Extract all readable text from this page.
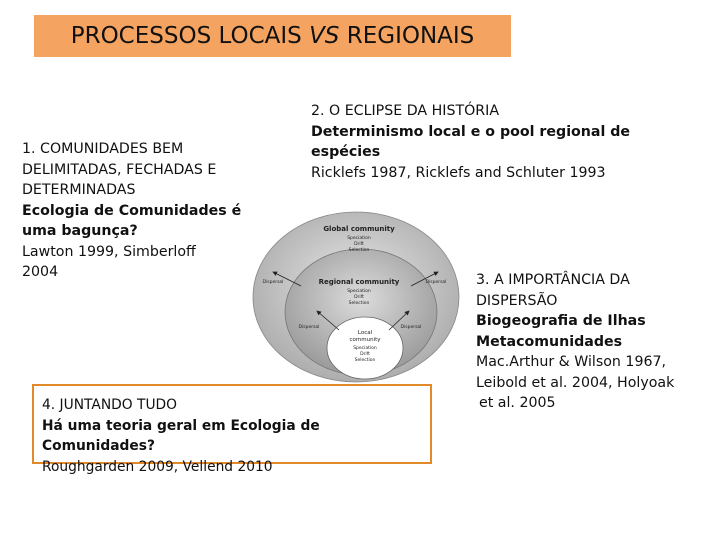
PROCESSOS LOCAIS VS REGIONAIS
1. COMUNIDADES BEM
DELIMITADAS, FECHADAS E
DETERMINADAS
Ecologia de Comunidades é
uma bagunça?
Lawton 1999, Simberloff
2004
2. O ECLIPSE DA HISTÓRIA
Determinismo local e o pool regional de
espécies
Ricklefs 1987, Ricklefs and Schluter 1993
3. A IMPORTÂNCIA DA
DISPERSÃO
Biogeografia de Ilhas
Metacomunidades
Mac.Arthur & Wilson 1967,
Leibold et al. 2004, Holyoak
et al. 2005
Global community
Speciation
Drift
Selection
Regional community
Speciation
Drift
Selection
Local
community
Speciation
Drift
Selection
Dispersal	Dispersal
Dispersal	Dispersal
4. JUNTANDO TUDO
Há uma teoria geral em Ecologia de Comunidades?
Roughgarden 2009, Vellend 2010
